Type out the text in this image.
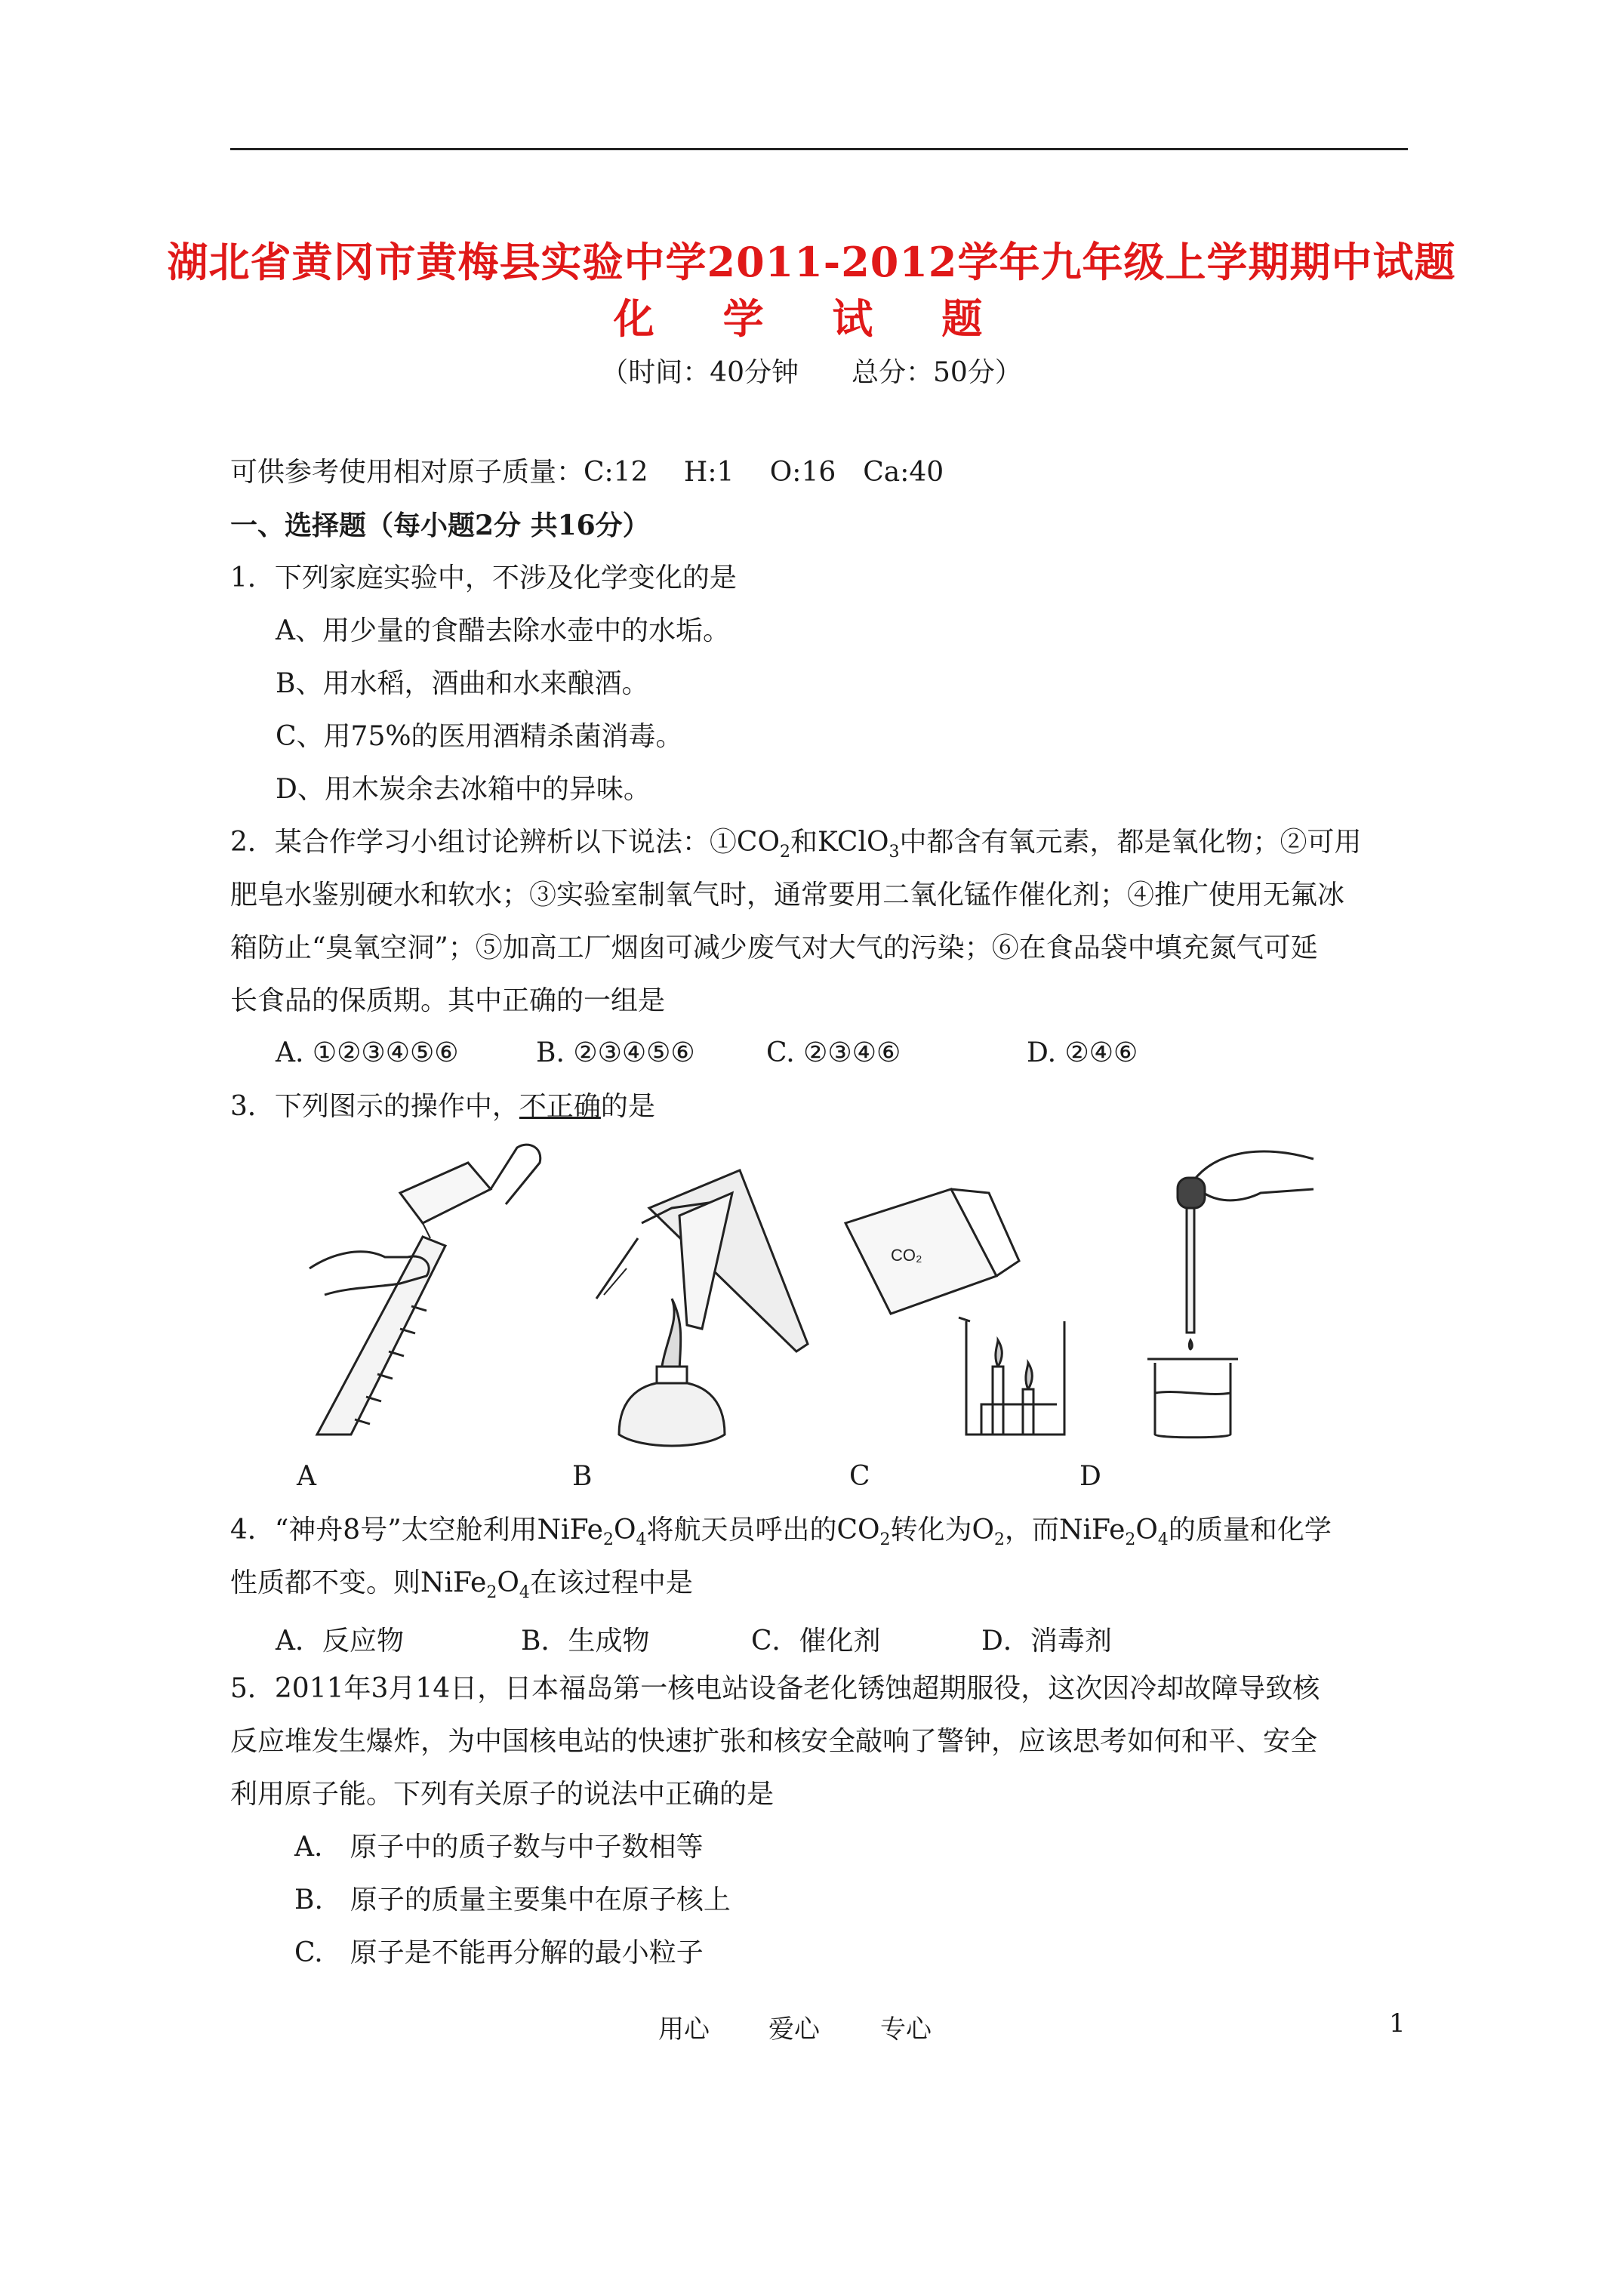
湖北省黄冈市黄梅县实验中学2011-2012学年九年级上学期期中试题
化 学 试 题
（时间：40分钟 总分：50分）
可供参考使用相对原子质量：C:12　 H:1　 O:16　Ca:40
一、选择题（每小题2分 共16分）
1．下列家庭实验中，不涉及化学变化的是
A、用少量的食醋去除水壶中的水垢。
B、用水稻，酒曲和水来酿酒。
C、用75%的医用酒精杀菌消毒。
D、用木炭余去冰箱中的异味。
2．某合作学习小组讨论辨析以下说法：$①CO_2$和KClO$_3$中都含有氧元素，都是氧化物；②可用
肥皂水鉴别硬水和软水；③实验室制氧气时，通常要用二氧化锰作催化剂；④推广使用无氟冰
箱防止“臭氧空洞”；⑤加高工厂烟囱可减少废气对大气的污染；⑥在食品袋中填充氮气可延
长食品的保质期。其中正确的一组是
A. ①②③④⑤⑥	B. ②③④⑤⑥	C. ②③④⑥	D. ②④⑥
3．下列图示的操作中，不正确的是
CO₂
A	B	C	D
4．“神舟8号”太空舱利用$NiFe_2O_4$将航天员呼出的$CO_2$转化为$O_2$，而$NiFe_2O_4$的质量和化学
性质都不变。则$NiFe_2O_4$在该过程中是
A．反应物	B．生成物	C．催化剂	D．消毒剂
5．2011年3月14日，日本福岛第一核电站设备老化锈蚀超期服役，这次因冷却故障导致核
反应堆发生爆炸，为中国核电站的快速扩张和核安全敲响了警钟，应该思考如何和平、安全
利用原子能。下列有关原子的说法中正确的是
A.　原子中的质子数与中子数相等
B.　原子的质量主要集中在原子核上
C.　原子是不能再分解的最小粒子
用心 爱心 专心	1
